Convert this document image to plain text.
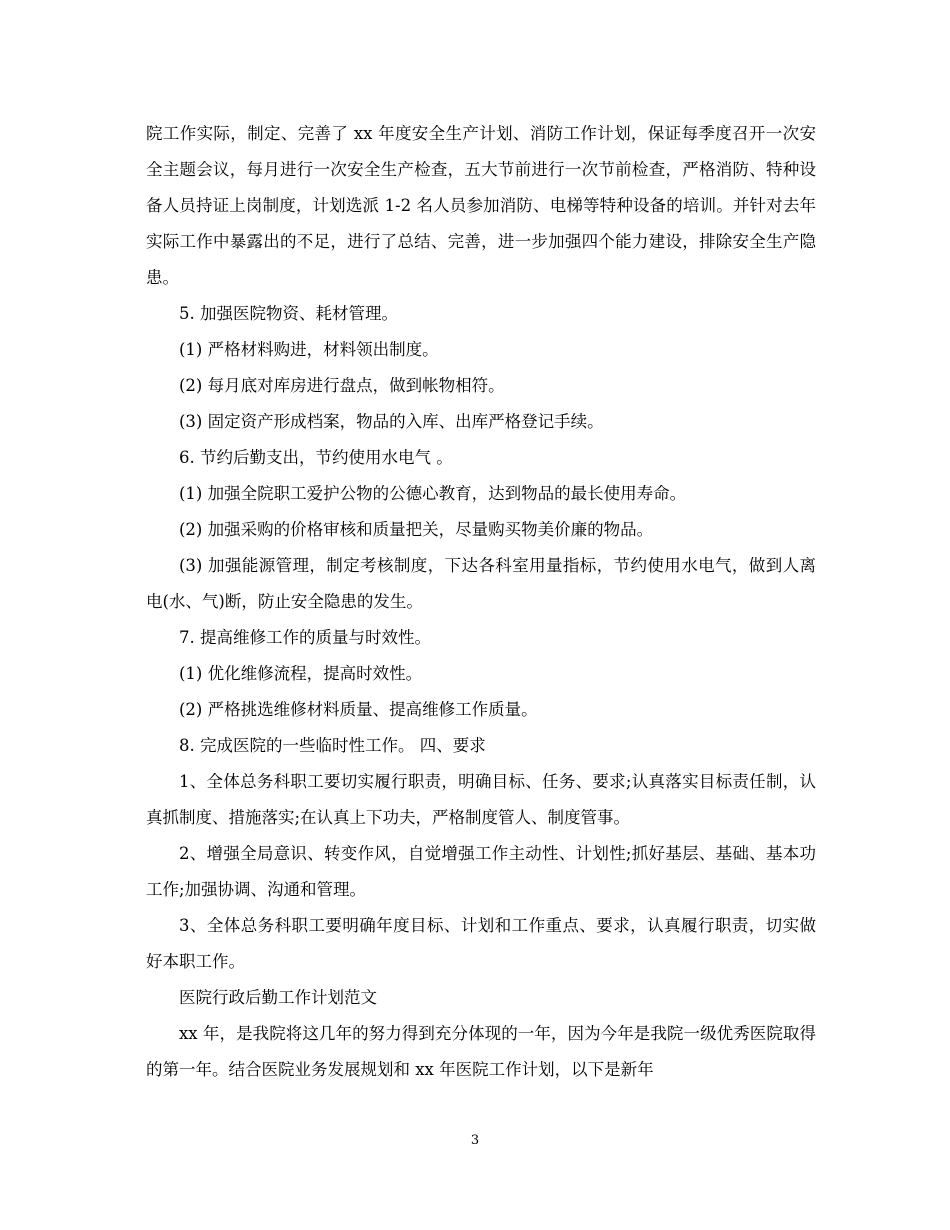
院工作实际，制定、完善了 xx 年度安全生产计划、消防工作计划，保证每季度召开一次安全主题会议，每月进行一次安全生产检查，五大节前进行一次节前检查，严格消防、特种设备人员持证上岗制度，计划选派 1-2 名人员参加消防、电梯等特种设备的培训。并针对去年实际工作中暴露出的不足，进行了总结、完善，进一步加强四个能力建设，排除安全生产隐患。

5. 加强医院物资、耗材管理。

(1) 严格材料购进，材料领出制度。

(2) 每月底对库房进行盘点，做到帐物相符。

(3) 固定资产形成档案，物品的入库、出库严格登记手续。

6. 节约后勤支出，节约使用水电气 。

(1) 加强全院职工爱护公物的公德心教育，达到物品的最长使用寿命。

(2) 加强采购的价格审核和质量把关，尽量购买物美价廉的物品。

(3) 加强能源管理，制定考核制度，下达各科室用量指标，节约使用水电气，做到人离电(水、气)断，防止安全隐患的发生。

7. 提高维修工作的质量与时效性。

(1) 优化维修流程，提高时效性。

(2) 严格挑选维修材料质量、提高维修工作质量。

8. 完成医院的一些临时性工作。 四、要求

1、全体总务科职工要切实履行职责，明确目标、任务、要求;认真落实目标责任制，认真抓制度、措施落实;在认真上下功夫，严格制度管人、制度管事。

2、增强全局意识、转变作风，自觉增强工作主动性、计划性;抓好基层、基础、基本功工作;加强协调、沟通和管理。

3、全体总务科职工要明确年度目标、计划和工作重点、要求，认真履行职责，切实做好本职工作。

医院行政后勤工作计划范文

xx 年，是我院将这几年的努力得到充分体现的一年，因为今年是我院一级优秀医院取得的第一年。结合医院业务发展规划和 xx 年医院工作计划，以下是新年

3
